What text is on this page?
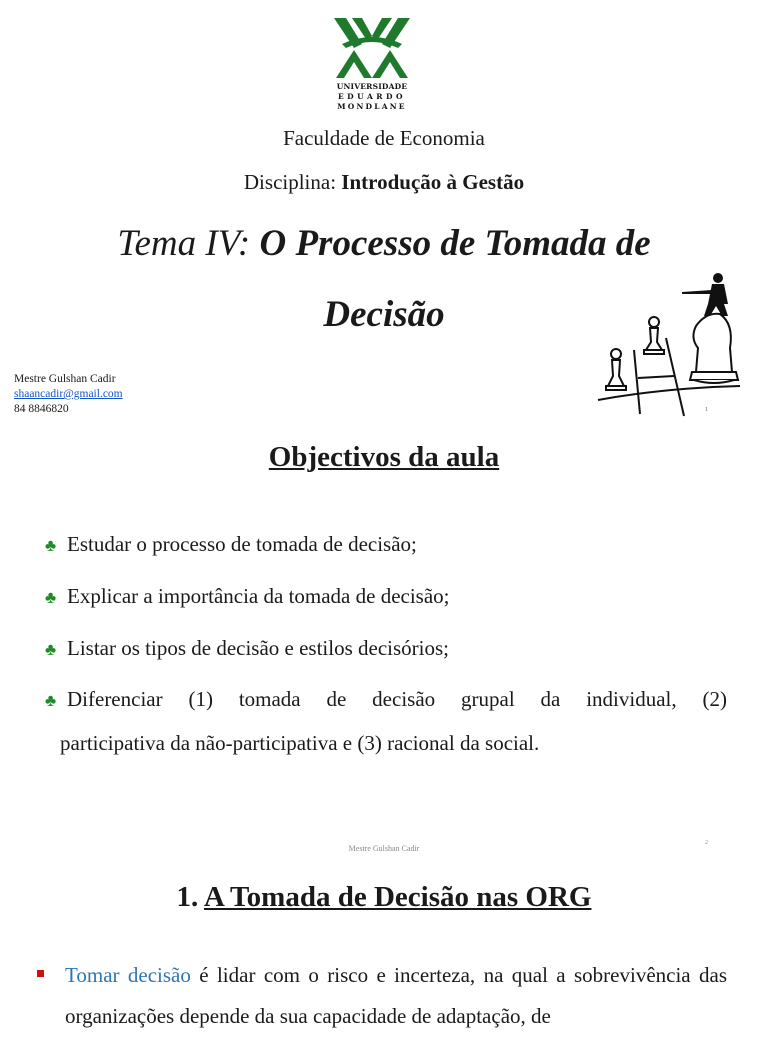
UNIVERSIDADE
EDUARDO
MONDLANE
Faculdade de Economia
Disciplina: Introdução à Gestão
Tema IV: O Processo de Tomada de
Decisão
Mestre Gulshan Cadir
shaancadir@gmail.com
84 8846820	1
Objectivos da aula
♣ Estudar o processo de tomada de decisão;
♣ Explicar a importância da tomada de decisão;
♣ Listar os tipos de decisão e estilos decisórios;
♣ Diferenciar (1) tomada de decisão grupal da individual, (2)
participativa da não-participativa e (3) racional da social.
Mestre Gulshan Cadir
2
1. A Tomada de Decisão nas ORG
Tomar decisão é lidar com o risco e incerteza, na qual a sobrevivência das organizações depende da sua capacidade de adaptação, de
